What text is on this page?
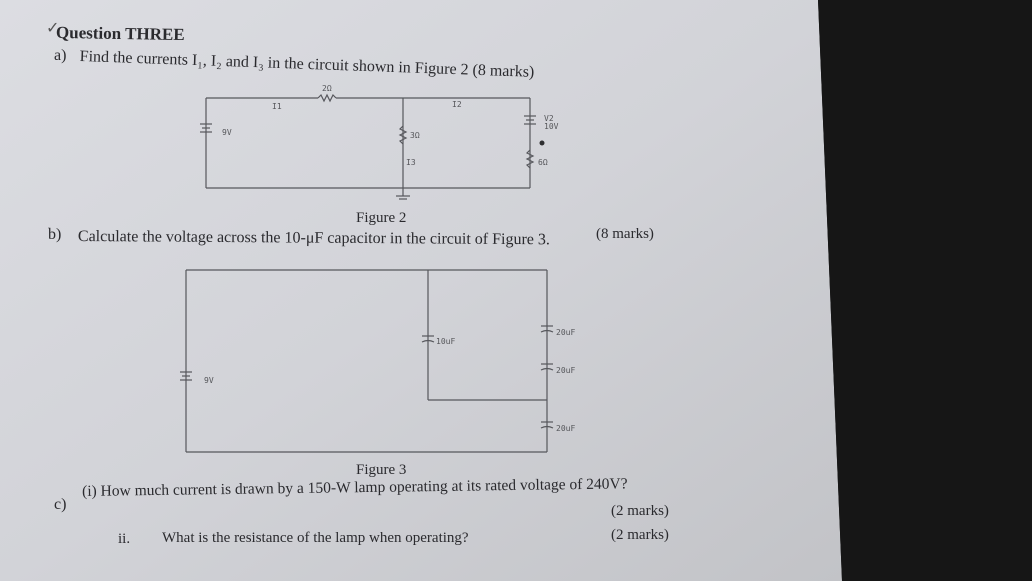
✓
Question THREE
a) Find the currents I₁, I₂ and I₃ in the circuit shown in Figure 2 (8 marks)
2Ω
I1	I2
9V
V2
10V
3Ω
I3	6Ω
Figure 2
b) Calculate the voltage across the 10-μF capacitor in the circuit of Figure 3.	(8 marks)
9V
10uF
20uF
20uF
20uF
Figure 3
c)
(i) How much current is drawn by a 150-W lamp operating at its rated voltage of 240V?
(2 marks)
ii. What is the resistance of the lamp when operating?	(2 marks)
